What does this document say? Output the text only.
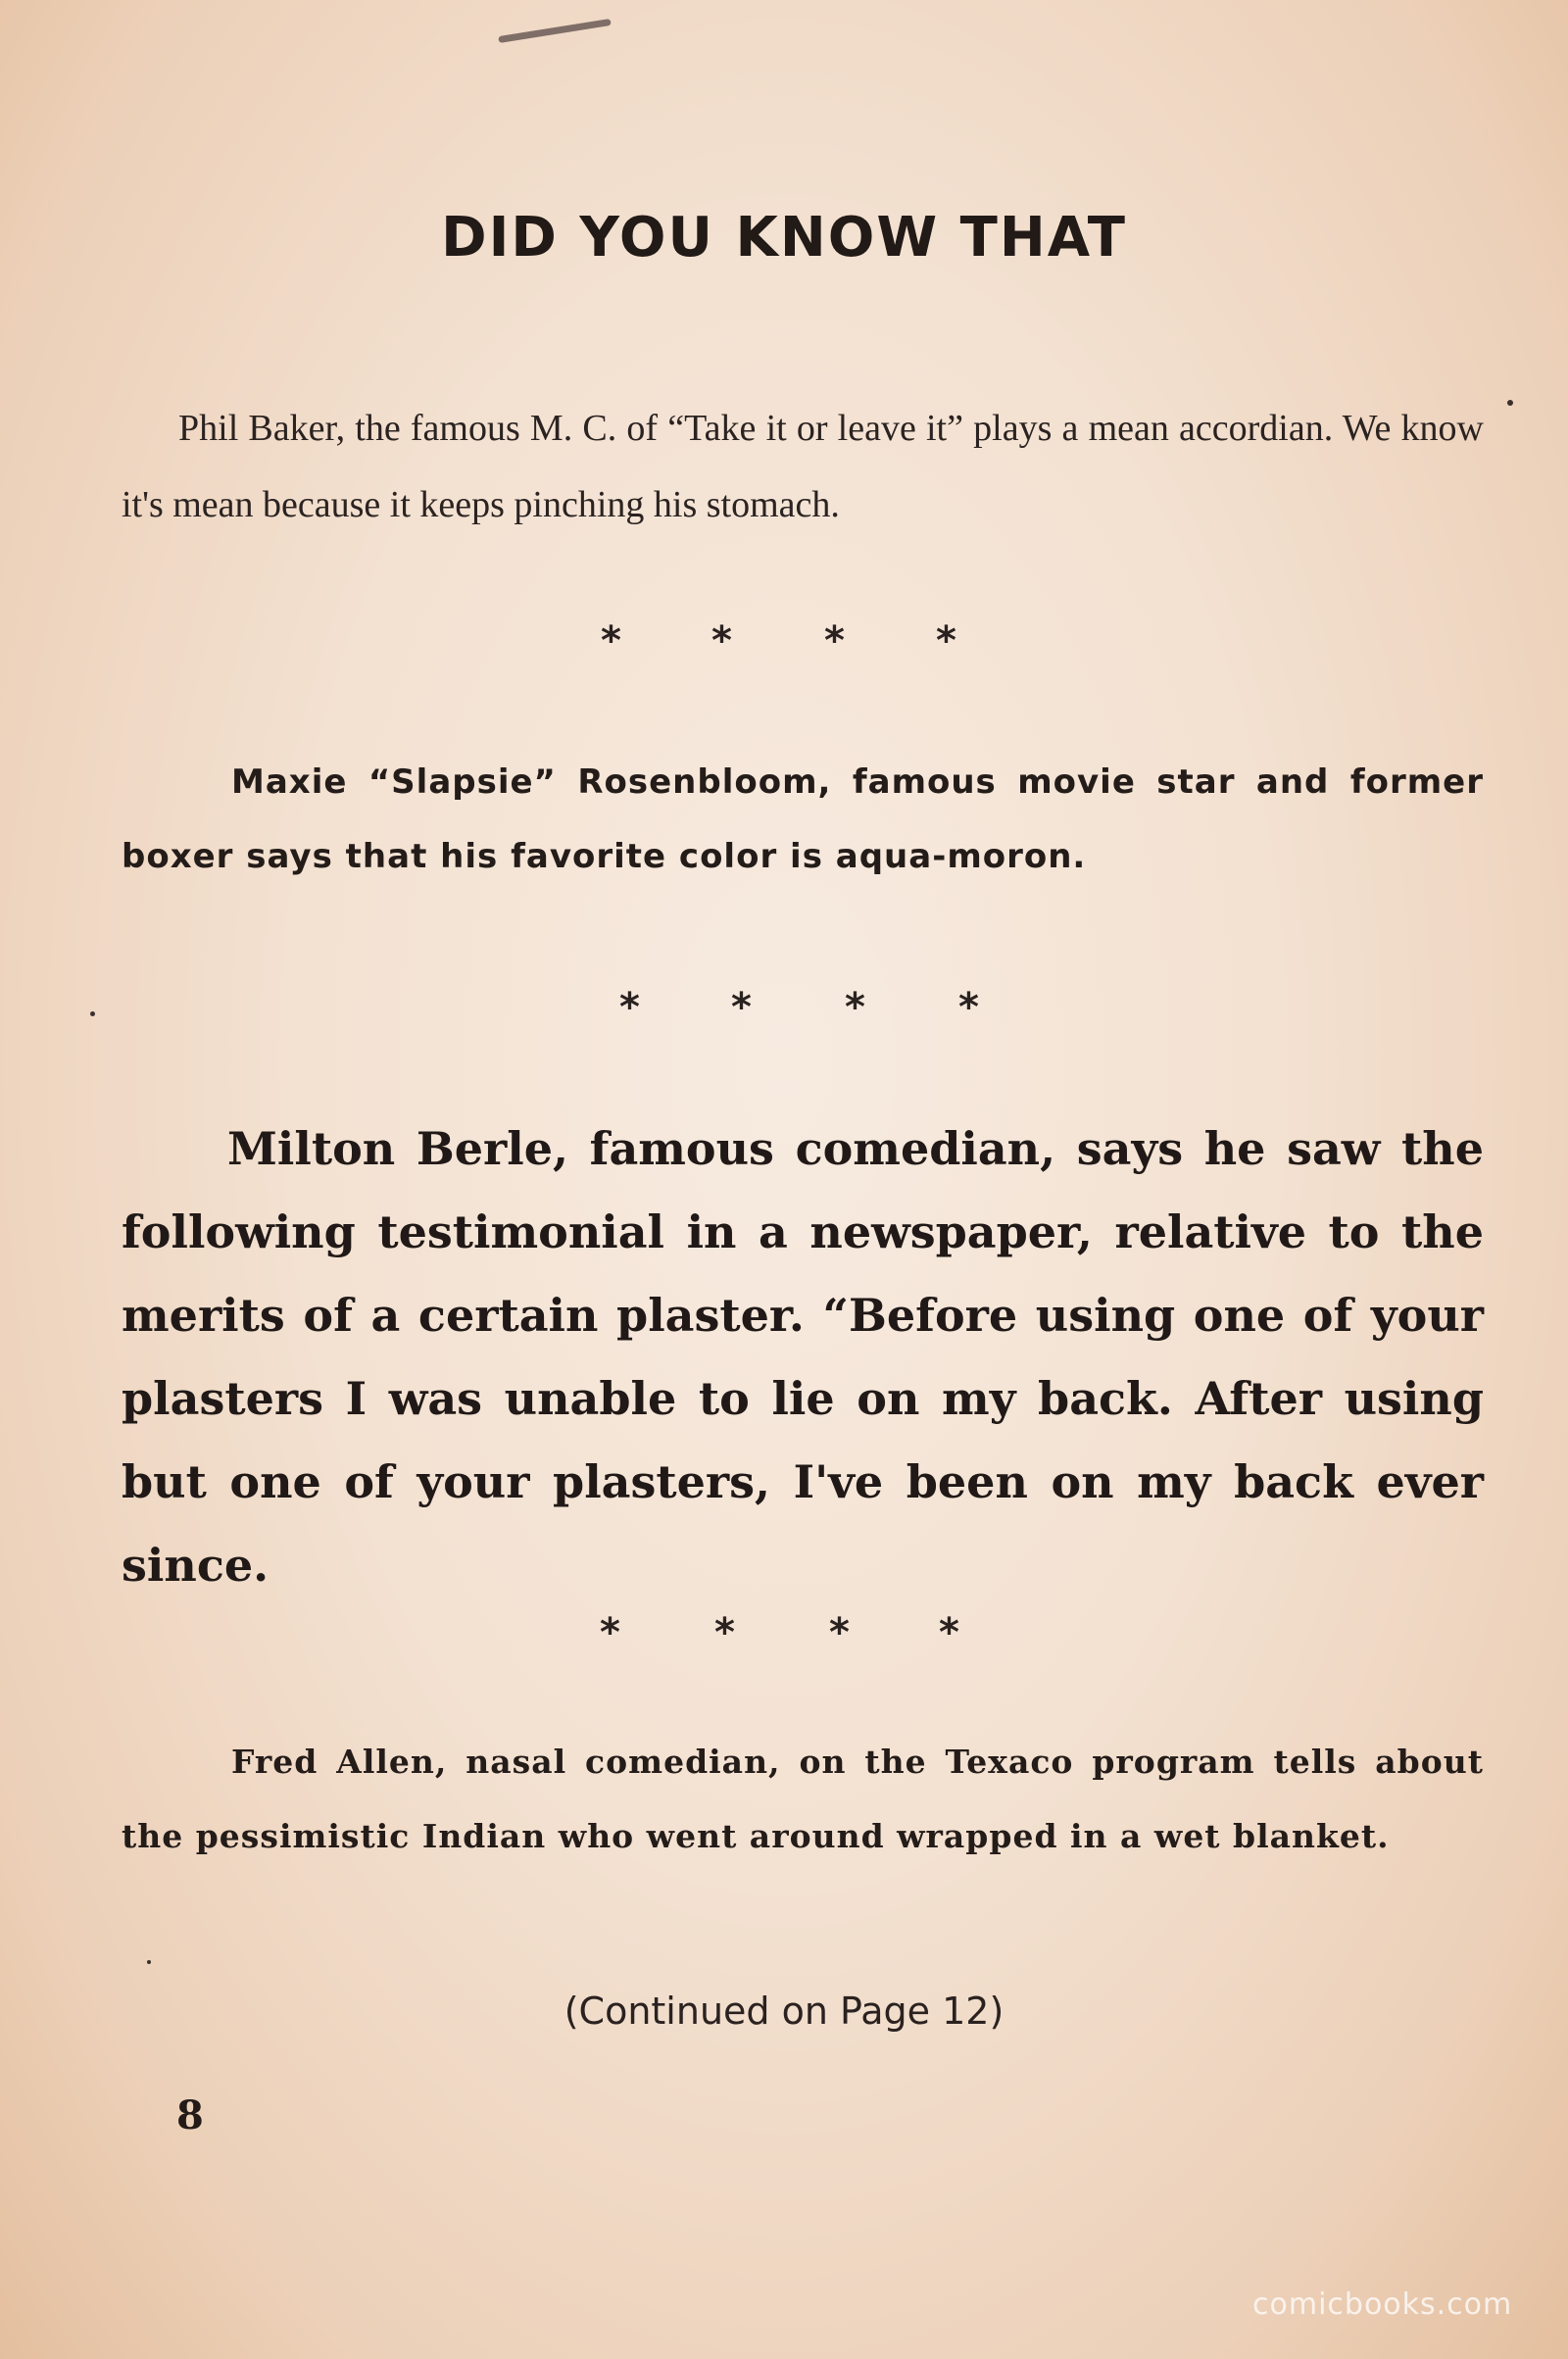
DID YOU KNOW THAT

Phil Baker, the famous M. C. of “Take it or leave it” plays a mean accordian. We know it's mean because it keeps pinching his stomach.

* * * *

Maxie “Slapsie” Rosenbloom, famous movie star and former boxer says that his favorite color is aqua-moron.

* * * *

Milton Berle, famous comedian, says he saw the following testimonial in a newspaper, relative to the merits of a certain plaster. “Before using one of your plasters I was unable to lie on my back. After using but one of your plasters, I've been on my back ever since.

* * * *

Fred Allen, nasal comedian, on the Texaco program tells about the pessimistic Indian who went around wrapped in a wet blanket.

(Continued on Page 12)

8
comicbooks.com
